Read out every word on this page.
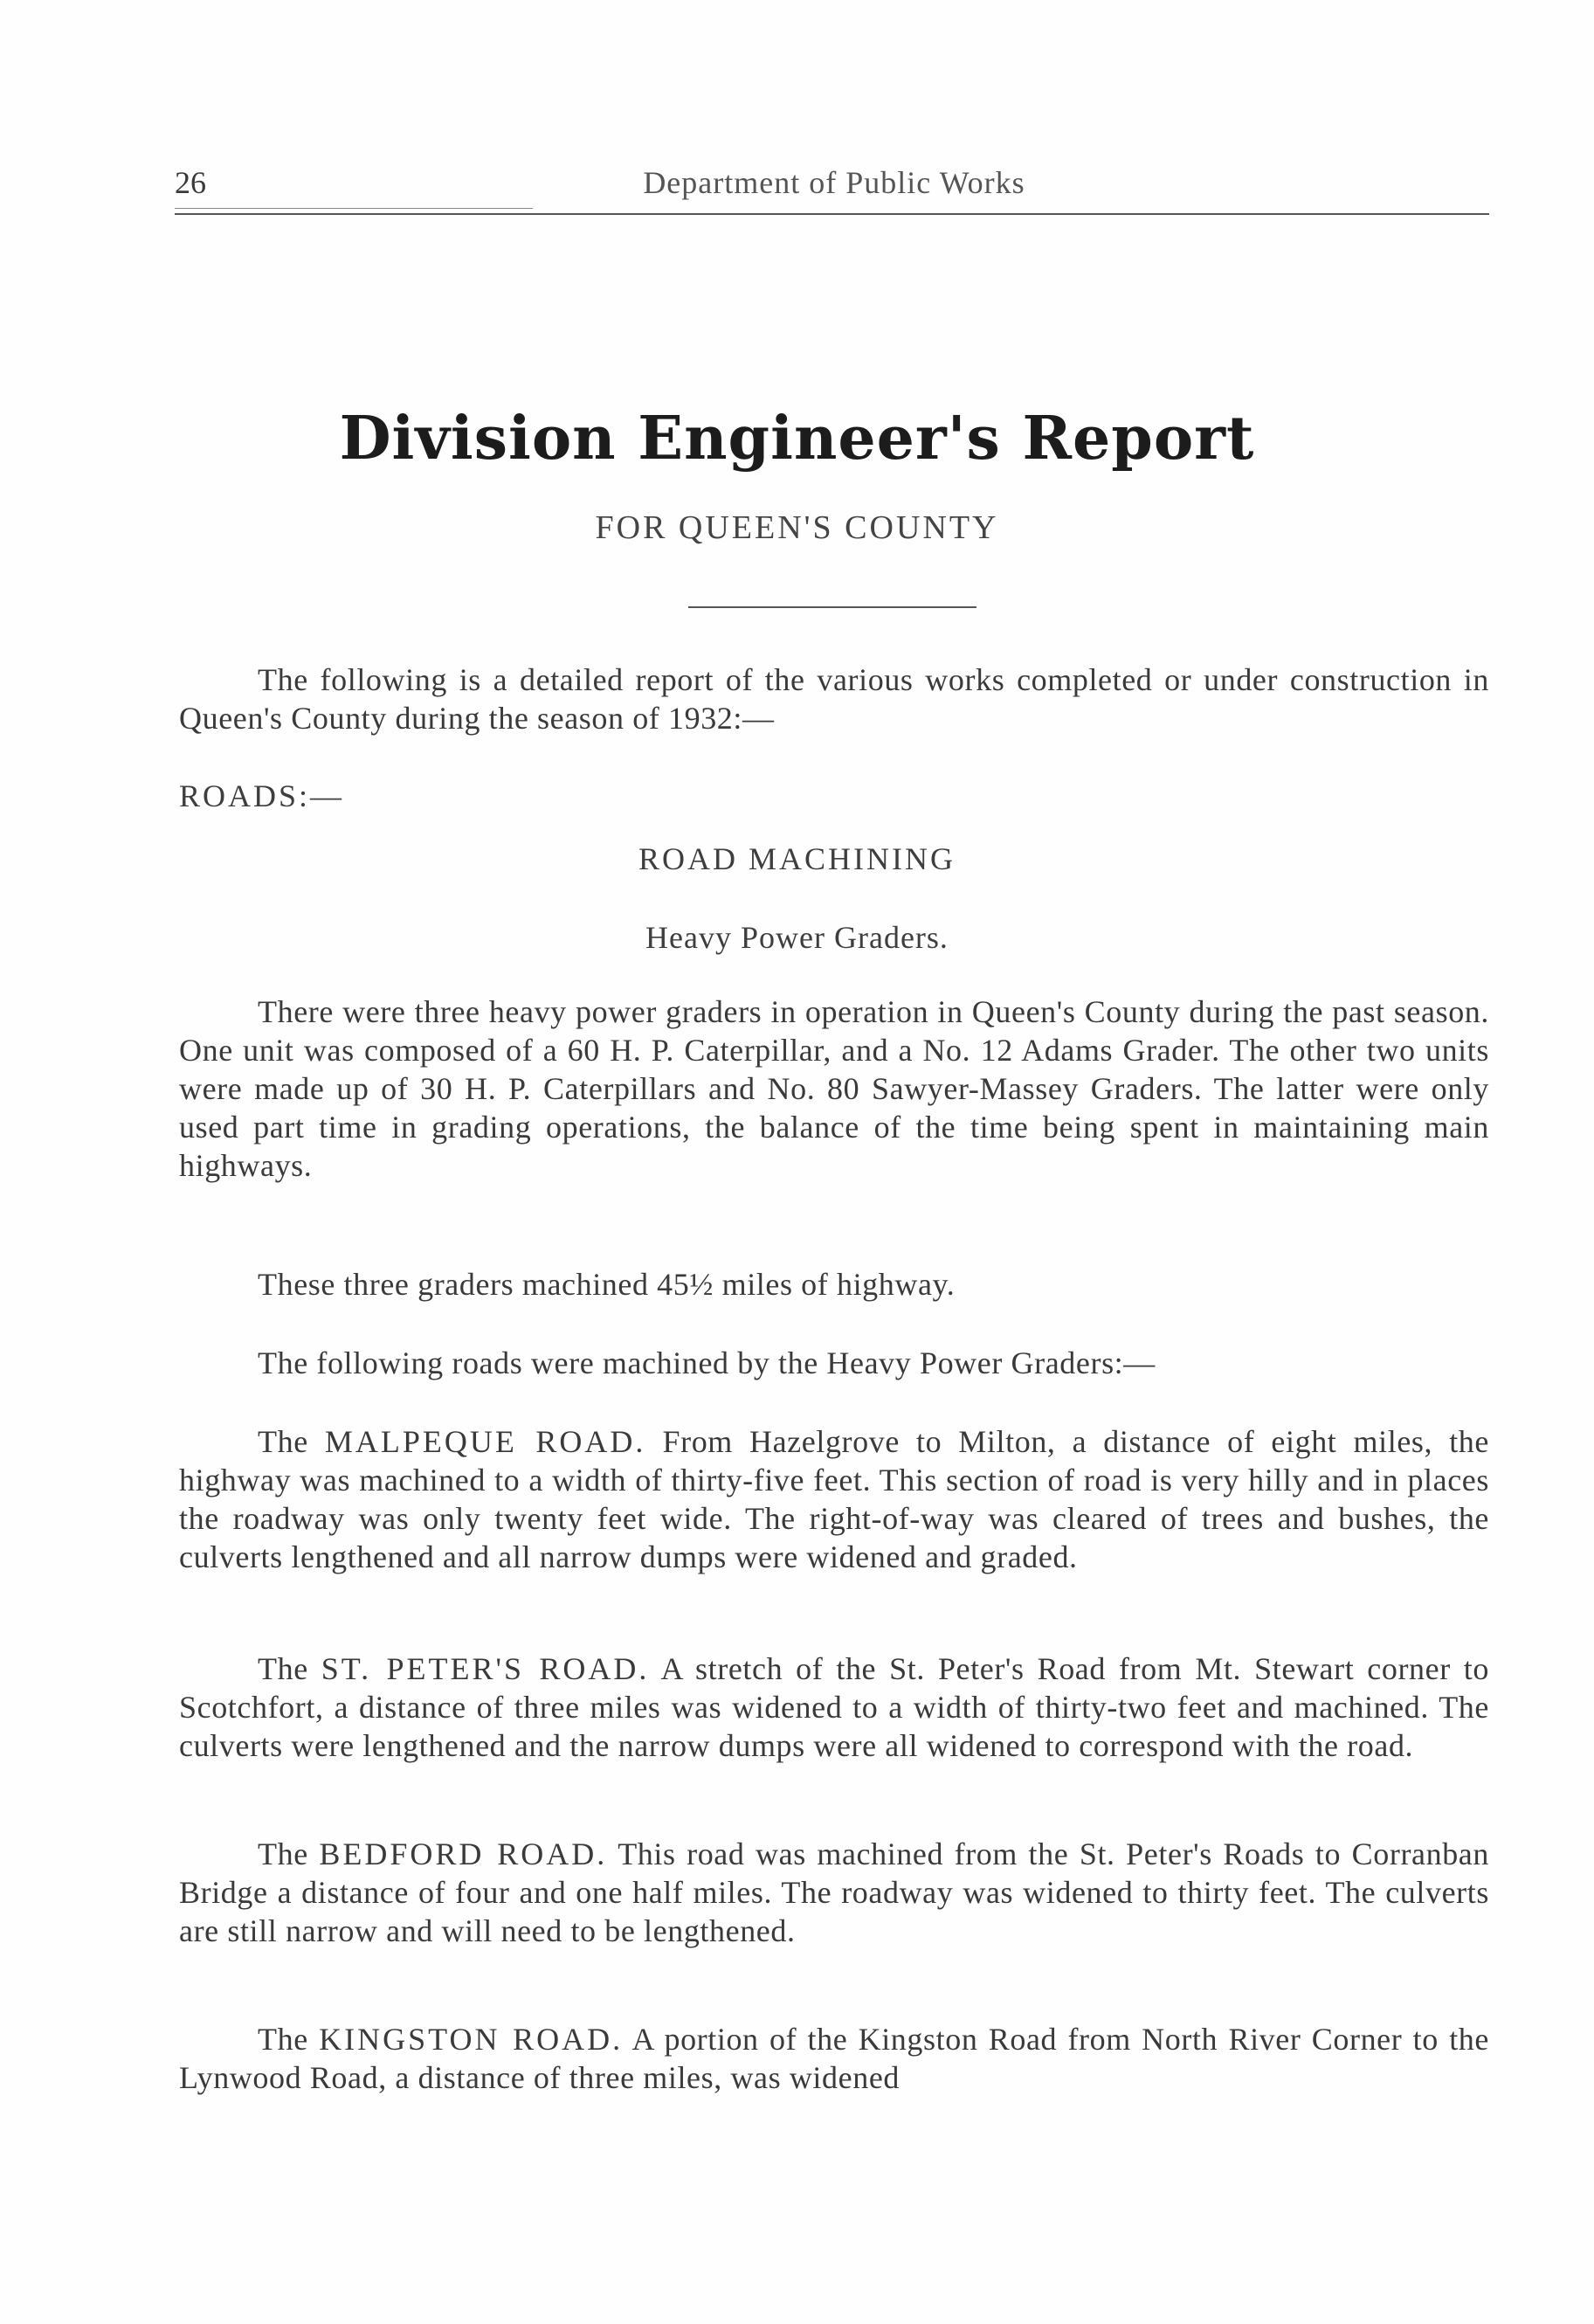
26	Department of Public Works
Division Engineer's Report
FOR QUEEN'S COUNTY
The following is a detailed report of the various works completed or under construction in Queen's County during the season of 1932:—
ROADS:—
ROAD MACHINING
Heavy Power Graders.
There were three heavy power graders in operation in Queen's County during the past season. One unit was composed of a 60 H. P. Caterpillar, and a No. 12 Adams Grader. The other two units were made up of 30 H. P. Caterpillars and No. 80 Sawyer-Massey Graders. The latter were only used part time in grading operations, the balance of the time being spent in maintaining main highways.
These three graders machined 45½ miles of highway.
The following roads were machined by the Heavy Power Graders:—
The MALPEQUE ROAD. From Hazelgrove to Milton, a distance of eight miles, the highway was machined to a width of thirty-five feet. This section of road is very hilly and in places the roadway was only twenty feet wide. The right-of-way was cleared of trees and bushes, the culverts lengthened and all narrow dumps were widened and graded.
The ST. PETER'S ROAD. A stretch of the St. Peter's Road from Mt. Stewart corner to Scotchfort, a distance of three miles was widened to a width of thirty-two feet and machined. The culverts were lengthened and the narrow dumps were all widened to correspond with the road.
The BEDFORD ROAD. This road was machined from the St. Peter's Roads to Corranban Bridge a distance of four and one half miles. The roadway was widened to thirty feet. The culverts are still narrow and will need to be lengthened.
The KINGSTON ROAD. A portion of the Kingston Road from North River Corner to the Lynwood Road, a distance of three miles, was widened
